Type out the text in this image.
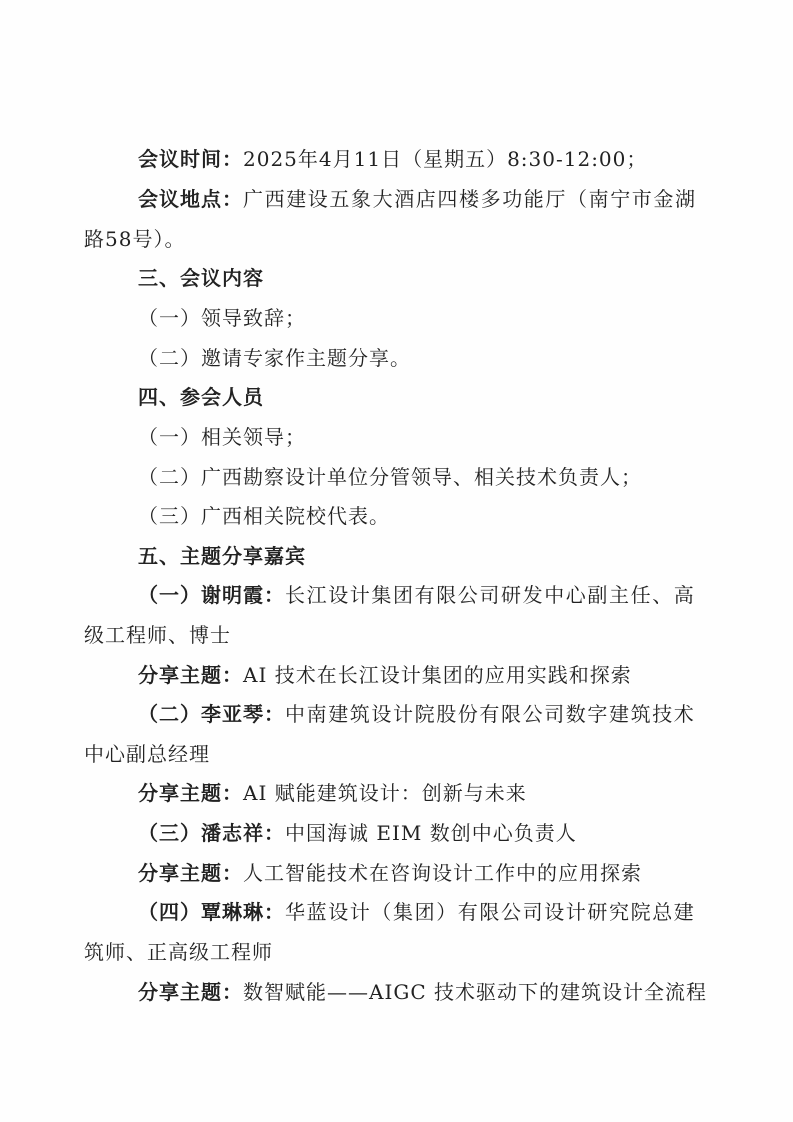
会议时间：2025年4月11日（星期五）8:30-12:00；
会议地点：广西建设五象大酒店四楼多功能厅（南宁市金湖
路58号）。
三、会议内容
（一）领导致辞；
（二）邀请专家作主题分享。
四、参会人员
（一）相关领导；
（二）广西勘察设计单位分管领导、相关技术负责人；
（三）广西相关院校代表。
五、主题分享嘉宾
（一）谢明霞：长江设计集团有限公司研发中心副主任、高
级工程师、博士
分享主题：AI 技术在长江设计集团的应用实践和探索
（二）李亚琴：中南建筑设计院股份有限公司数字建筑技术
中心副总经理
分享主题：AI 赋能建筑设计：创新与未来
（三）潘志祥：中国海诚 EIM 数创中心负责人
分享主题：人工智能技术在咨询设计工作中的应用探索
（四）覃琳琳：华蓝设计（集团）有限公司设计研究院总建
筑师、正高级工程师
分享主题：数智赋能——AIGC 技术驱动下的建筑设计全流程
